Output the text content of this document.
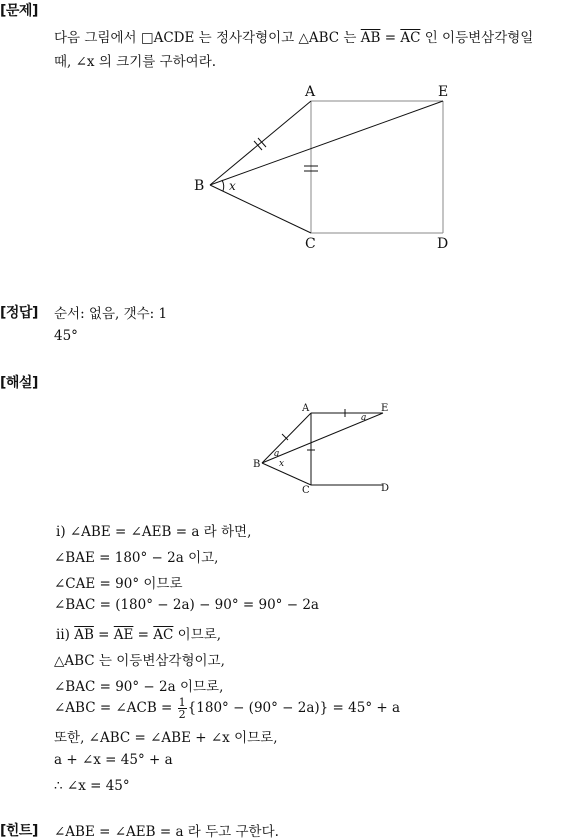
[문제]
다음 그림에서 □ACDE 는 정사각형이고 △ABC 는 $\overline{AB} = \overline{AC}$ 인 이등변삼각형일
때, ∠x 의 크기를 구하여라.
A	E
B
C	D
x
A	E
B
C	D
a
a
x
[정답] 순서: 없음, 갯수: 1
45°
[해설]
ⅰ) ∠ABE = ∠AEB = a 라 하면,
∠BAE = 180° − 2a 이고,
∠CAE = 90° 이므로
∠BAC = (180° − 2a) − 90° = 90° − 2a
ⅱ) $\overline{AB} = \overline{AE} = \overline{AC}$ 이므로,
△ABC 는 이등변삼각형이고,
∠BAC = 90° − 2a 이므로,
∠ABC = ∠ACB = $\frac{1}{2} \{180^\circ - (90^\circ - 2a)\} = 45^\circ + a$
또한, ∠ABC = ∠ABE + ∠x 이므로,
a + ∠x = 45° + a
∴ ∠x = 45°
[힌트] ∠ABE = ∠AEB = a 라 두고 구한다.
